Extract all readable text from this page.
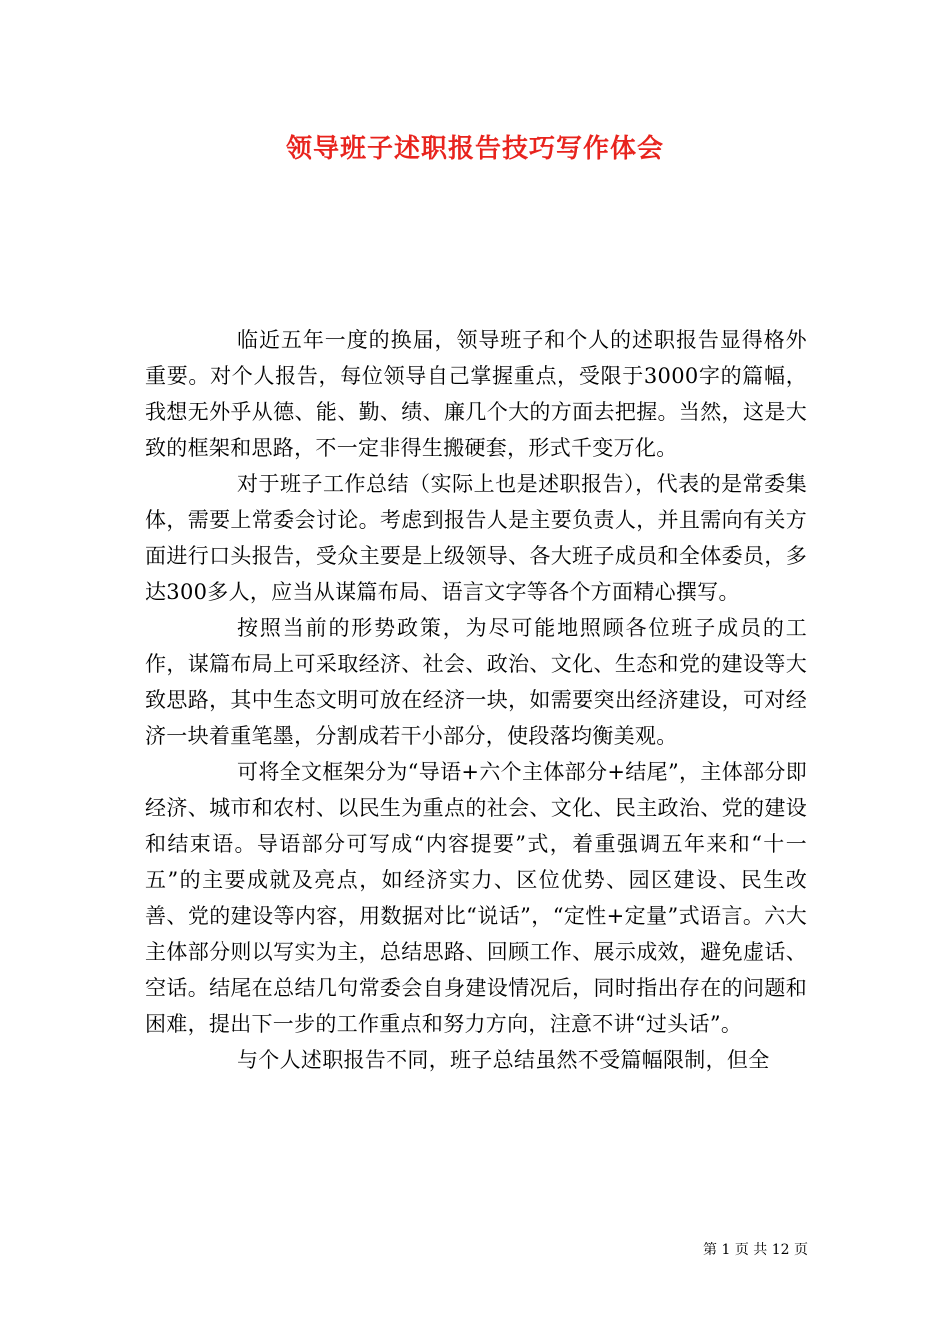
领导班子述职报告技巧写作体会

临近五年一度的换届，领导班子和个人的述职报告显得格外重要。对个人报告，每位领导自己掌握重点，受限于3000字的篇幅，我想无外乎从德、能、勤、绩、廉几个大的方面去把握。当然，这是大致的框架和思路，不一定非得生搬硬套，形式千变万化。

对于班子工作总结（实际上也是述职报告），代表的是常委集体，需要上常委会讨论。考虑到报告人是主要负责人，并且需向有关方面进行口头报告，受众主要是上级领导、各大班子成员和全体委员，多达300多人，应当从谋篇布局、语言文字等各个方面精心撰写。

按照当前的形势政策，为尽可能地照顾各位班子成员的工作，谋篇布局上可采取经济、社会、政治、文化、生态和党的建设等大致思路，其中生态文明可放在经济一块，如需要突出经济建设，可对经济一块着重笔墨，分割成若干小部分，使段落均衡美观。

可将全文框架分为“导语+六个主体部分+结尾”，主体部分即经济、城市和农村、以民生为重点的社会、文化、民主政治、党的建设和结束语。导语部分可写成“内容提要”式，着重强调五年来和“十一五”的主要成就及亮点，如经济实力、区位优势、园区建设、民生改善、党的建设等内容，用数据对比“说话”，“定性+定量”式语言。六大主体部分则以写实为主，总结思路、回顾工作、展示成效，避免虚话、空话。结尾在总结几句常委会自身建设情况后，同时指出存在的问题和困难，提出下一步的工作重点和努力方向，注意不讲“过头话”。

与个人述职报告不同，班子总结虽然不受篇幅限制，但全

第 1 页 共 12 页
